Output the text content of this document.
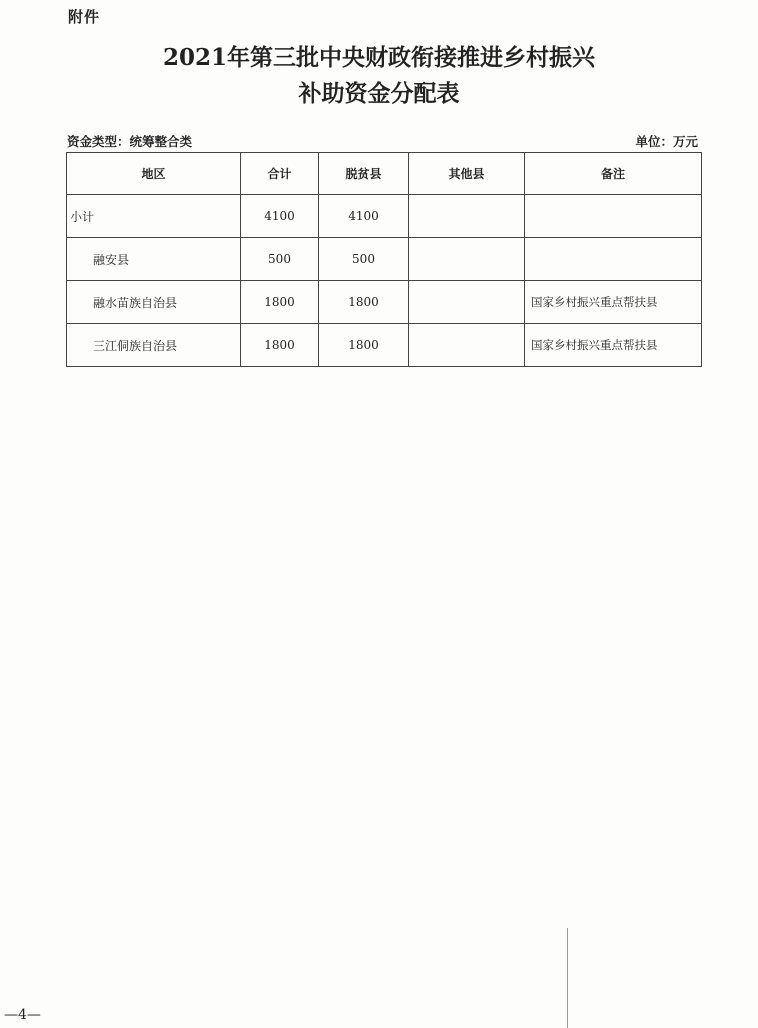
附件
2021年第三批中央财政衔接推进乡村振兴
补助资金分配表
资金类型：统筹整合类	单位：万元
地区	合计	脱贫县	其他县	备注
小计	4100	4100		
融安县	500	500		
融水苗族自治县	1800	1800		国家乡村振兴重点帮扶县
三江侗族自治县	1800	1800		国家乡村振兴重点帮扶县
—4—
